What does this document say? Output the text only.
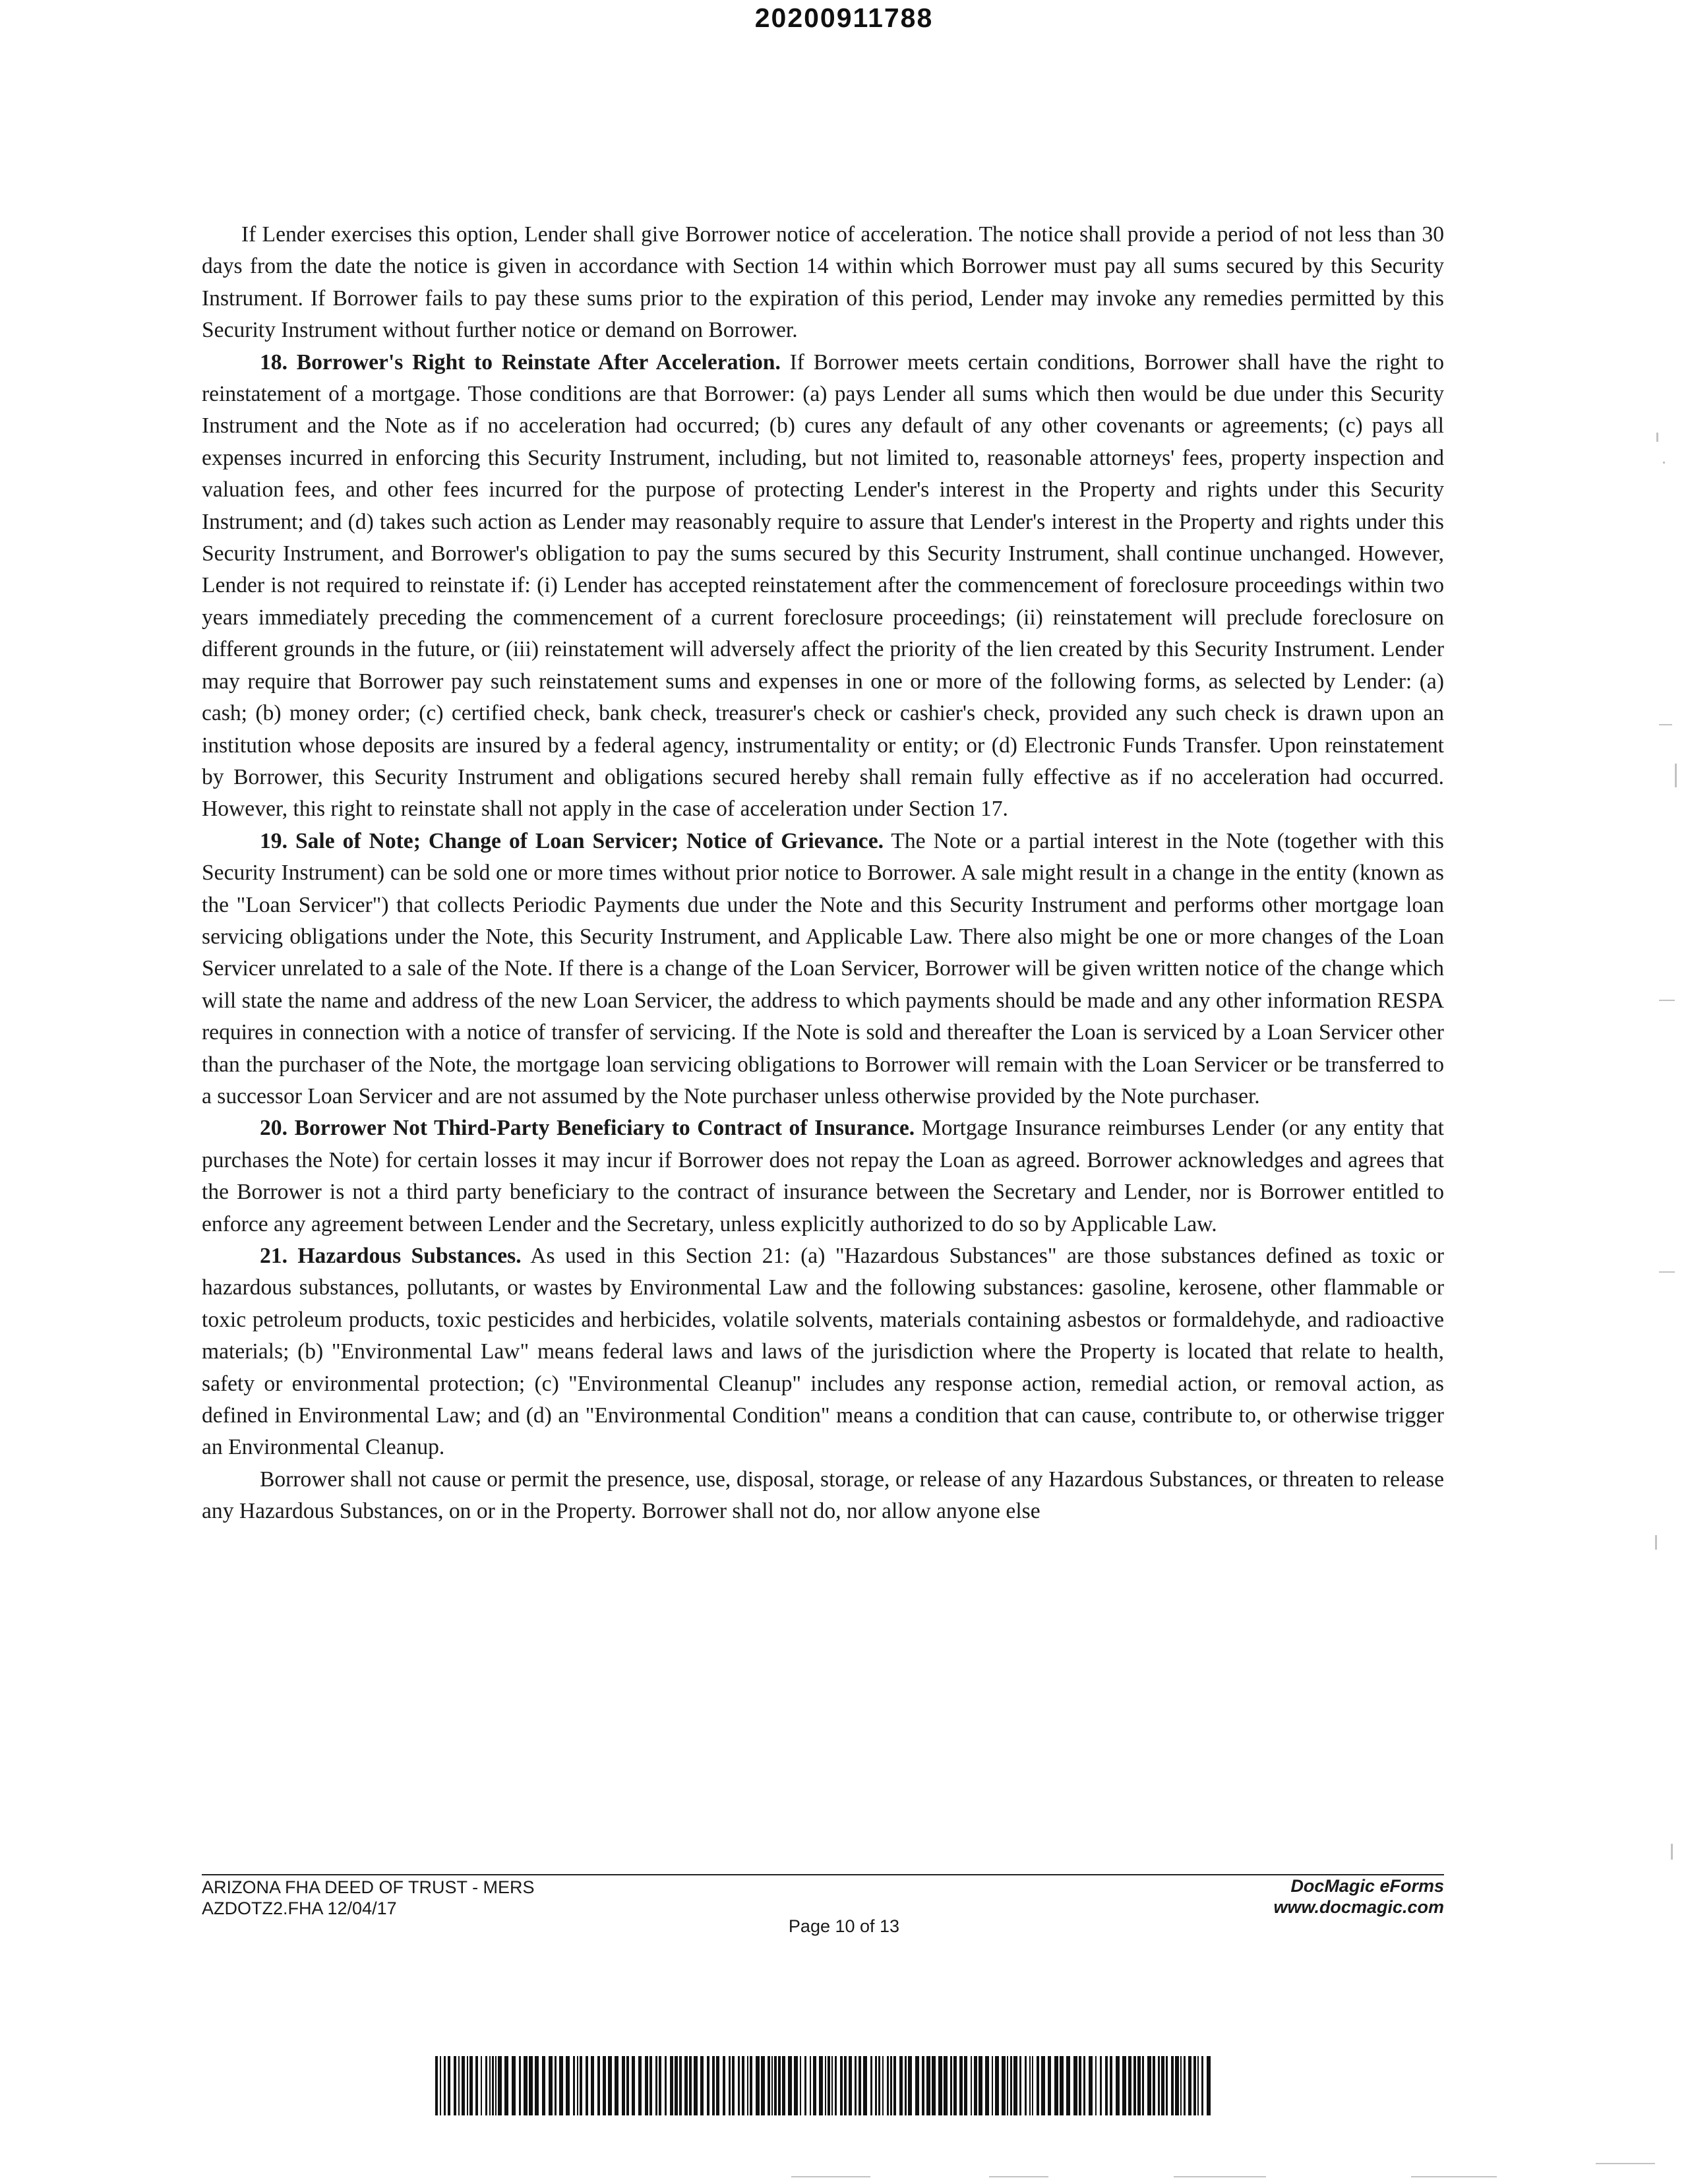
20200911788

If Lender exercises this option, Lender shall give Borrower notice of acceleration. The notice shall provide a period of not less than 30 days from the date the notice is given in accordance with Section 14 within which Borrower must pay all sums secured by this Security Instrument. If Borrower fails to pay these sums prior to the expiration of this period, Lender may invoke any remedies permitted by this Security Instrument without further notice or demand on Borrower.

18. Borrower's Right to Reinstate After Acceleration. If Borrower meets certain conditions, Borrower shall have the right to reinstatement of a mortgage. Those conditions are that Borrower: (a) pays Lender all sums which then would be due under this Security Instrument and the Note as if no acceleration had occurred; (b) cures any default of any other covenants or agreements; (c) pays all expenses incurred in enforcing this Security Instrument, including, but not limited to, reasonable attorneys' fees, property inspection and valuation fees, and other fees incurred for the purpose of protecting Lender's interest in the Property and rights under this Security Instrument; and (d) takes such action as Lender may reasonably require to assure that Lender's interest in the Property and rights under this Security Instrument, and Borrower's obligation to pay the sums secured by this Security Instrument, shall continue unchanged. However, Lender is not required to reinstate if: (i) Lender has accepted reinstatement after the commencement of foreclosure proceedings within two years immediately preceding the commencement of a current foreclosure proceedings; (ii) reinstatement will preclude foreclosure on different grounds in the future, or (iii) reinstatement will adversely affect the priority of the lien created by this Security Instrument. Lender may require that Borrower pay such reinstatement sums and expenses in one or more of the following forms, as selected by Lender: (a) cash; (b) money order; (c) certified check, bank check, treasurer's check or cashier's check, provided any such check is drawn upon an institution whose deposits are insured by a federal agency, instrumentality or entity; or (d) Electronic Funds Transfer. Upon reinstatement by Borrower, this Security Instrument and obligations secured hereby shall remain fully effective as if no acceleration had occurred. However, this right to reinstate shall not apply in the case of acceleration under Section 17.

19. Sale of Note; Change of Loan Servicer; Notice of Grievance. The Note or a partial interest in the Note (together with this Security Instrument) can be sold one or more times without prior notice to Borrower. A sale might result in a change in the entity (known as the "Loan Servicer") that collects Periodic Payments due under the Note and this Security Instrument and performs other mortgage loan servicing obligations under the Note, this Security Instrument, and Applicable Law. There also might be one or more changes of the Loan Servicer unrelated to a sale of the Note. If there is a change of the Loan Servicer, Borrower will be given written notice of the change which will state the name and address of the new Loan Servicer, the address to which payments should be made and any other information RESPA requires in connection with a notice of transfer of servicing. If the Note is sold and thereafter the Loan is serviced by a Loan Servicer other than the purchaser of the Note, the mortgage loan servicing obligations to Borrower will remain with the Loan Servicer or be transferred to a successor Loan Servicer and are not assumed by the Note purchaser unless otherwise provided by the Note purchaser.

20. Borrower Not Third-Party Beneficiary to Contract of Insurance. Mortgage Insurance reimburses Lender (or any entity that purchases the Note) for certain losses it may incur if Borrower does not repay the Loan as agreed. Borrower acknowledges and agrees that the Borrower is not a third party beneficiary to the contract of insurance between the Secretary and Lender, nor is Borrower entitled to enforce any agreement between Lender and the Secretary, unless explicitly authorized to do so by Applicable Law.

21. Hazardous Substances. As used in this Section 21: (a) "Hazardous Substances" are those substances defined as toxic or hazardous substances, pollutants, or wastes by Environmental Law and the following substances: gasoline, kerosene, other flammable or toxic petroleum products, toxic pesticides and herbicides, volatile solvents, materials containing asbestos or formaldehyde, and radioactive materials; (b) "Environmental Law" means federal laws and laws of the jurisdiction where the Property is located that relate to health, safety or environmental protection; (c) "Environmental Cleanup" includes any response action, remedial action, or removal action, as defined in Environmental Law; and (d) an "Environmental Condition" means a condition that can cause, contribute to, or otherwise trigger an Environmental Cleanup.

Borrower shall not cause or permit the presence, use, disposal, storage, or release of any Hazardous Substances, or threaten to release any Hazardous Substances, on or in the Property. Borrower shall not do, nor allow anyone else

ARIZONA FHA DEED OF TRUST - MERS
AZDOTZ2.FHA 12/04/17
DocMagic eForms
www.docmagic.com
Page 10 of 13
